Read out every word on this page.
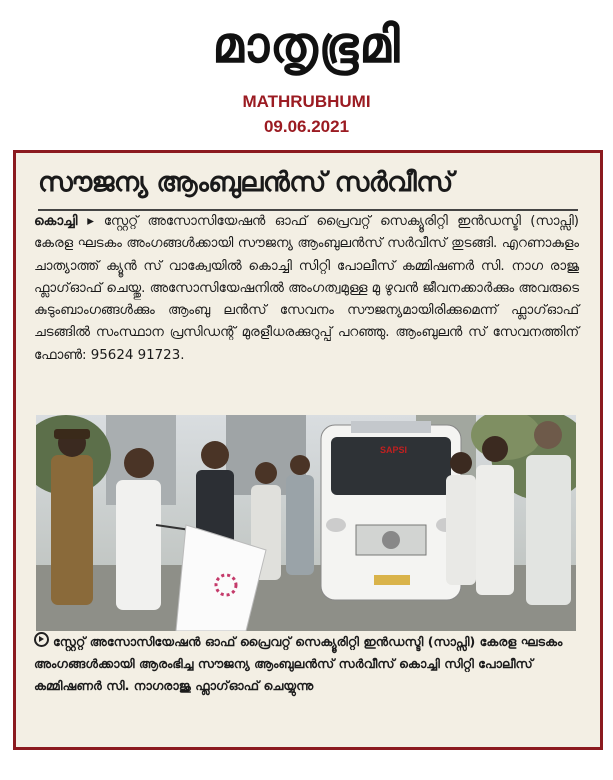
മാതൃഭൂമി
MATHRUBHUMI
09.06.2021
സൗജന്യ ആംബുലൻസ് സർവീസ്
കൊച്ചി ▸ സ്റ്റേറ്റ് അസോസിയേഷൻ ഓഫ് പ്രൈവറ്റ് സെക്യൂരിറ്റി ഇൻഡസ്ടി (സാപ്സി) കേരള ഘടകം അംഗങ്ങൾക്കായി സൗജന്യ ആംബുലൻസ് സർവീസ് തുടങ്ങി. എറണാകുളം ചാത്യാത്ത് ക്യൂൻ സ് വാക്വേയിൽ കൊച്ചി സിറ്റി പോലീസ് കമ്മിഷണർ സി. നാഗ രാജു ഫ്ലാഗ്ഓഫ് ചെയ്തു. അസോസിയേഷനിൽ അംഗത്വമുള്ള മു ഴുവൻ ജീവനക്കാർക്കും അവരുടെ കുടുംബാംഗങ്ങൾക്കും ആംബു ലൻസ് സേവനം സൗജന്യമായിരിക്കുമെന്ന് ഫ്ലാഗ്ഓഫ് ചടങ്ങിൽ സംസ്ഥാന പ്രസിഡന്റ് മുരളീധരക്കുറുപ്പ് പറഞ്ഞു. ആംബുലൻ സ് സേവനത്തിന് ഫോൺ: 95624 91723.
SAPSI
സ്റ്റേറ്റ് അസോസിയേഷൻ ഓഫ് പ്രൈവറ്റ് സെക്യൂരിറ്റി ഇൻഡസ്ടി (സാപ്സി) കേരള ഘടകം അംഗങ്ങൾക്കായി ആരംഭിച്ച സൗജന്യ ആംബുലൻസ് സർവീസ് കൊച്ചി സിറ്റി പോലീസ് കമ്മിഷണർ സി. നാഗരാജു ഫ്ലാഗ്ഓഫ് ചെയ്യുന്നു
